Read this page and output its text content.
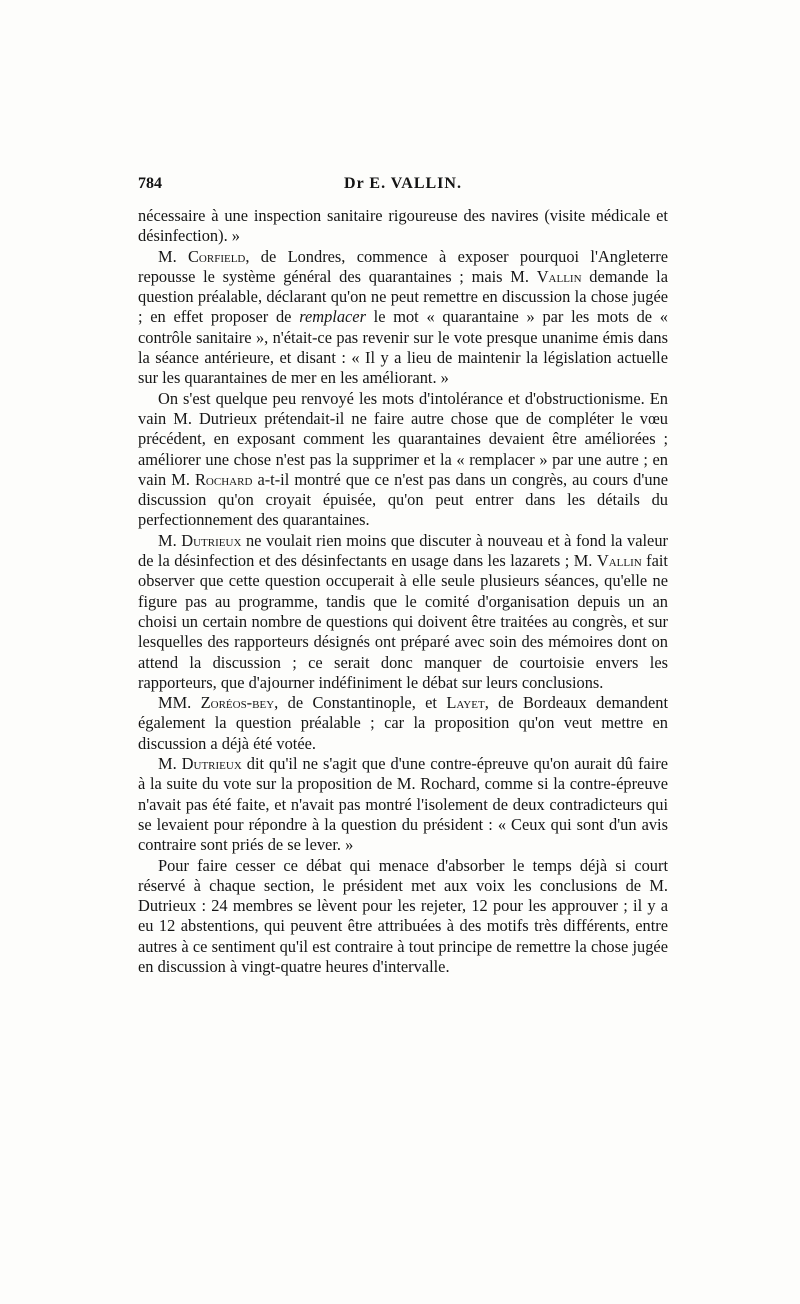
784	Dr E. VALLIN.

nécessaire à une inspection sanitaire rigoureuse des navires (visite médicale et désinfection). »

M. Corfield, de Londres, commence à exposer pourquoi l'Angleterre repousse le système général des quarantaines ; mais M. Vallin demande la question préalable, déclarant qu'on ne peut remettre en discussion la chose jugée ; en effet proposer de remplacer le mot « quarantaine » par les mots de « contrôle sanitaire », n'était-ce pas revenir sur le vote presque unanime émis dans la séance antérieure, et disant : « Il y a lieu de maintenir la législation actuelle sur les quarantaines de mer en les améliorant. »

On s'est quelque peu renvoyé les mots d'intolérance et d'obstructionisme. En vain M. Dutrieux prétendait-il ne faire autre chose que de compléter le vœu précédent, en exposant comment les quarantaines devaient être améliorées ; améliorer une chose n'est pas la supprimer et la « remplacer » par une autre ; en vain M. Rochard a-t-il montré que ce n'est pas dans un congrès, au cours d'une discussion qu'on croyait épuisée, qu'on peut entrer dans les détails du perfectionnement des quarantaines.

M. Dutrieux ne voulait rien moins que discuter à nouveau et à fond la valeur de la désinfection et des désinfectants en usage dans les lazarets ; M. Vallin fait observer que cette question occuperait à elle seule plusieurs séances, qu'elle ne figure pas au programme, tandis que le comité d'organisation depuis un an choisi un certain nombre de questions qui doivent être traitées au congrès, et sur lesquelles des rapporteurs désignés ont préparé avec soin des mémoires dont on attend la discussion ; ce serait donc manquer de courtoisie envers les rapporteurs, que d'ajourner indéfiniment le débat sur leurs conclusions.

MM. Zoréos-bey, de Constantinople, et Layet, de Bordeaux demandent également la question préalable ; car la proposition qu'on veut mettre en discussion a déjà été votée.

M. Dutrieux dit qu'il ne s'agit que d'une contre-épreuve qu'on aurait dû faire à la suite du vote sur la proposition de M. Rochard, comme si la contre-épreuve n'avait pas été faite, et n'avait pas montré l'isolement de deux contradicteurs qui se levaient pour répondre à la question du président : « Ceux qui sont d'un avis contraire sont priés de se lever. »

Pour faire cesser ce débat qui menace d'absorber le temps déjà si court réservé à chaque section, le président met aux voix les conclusions de M. Dutrieux : 24 membres se lèvent pour les rejeter, 12 pour les approuver ; il y a eu 12 abstentions, qui peuvent être attribuées à des motifs très différents, entre autres à ce sentiment qu'il est contraire à tout principe de remettre la chose jugée en discussion à vingt-quatre heures d'intervalle.
